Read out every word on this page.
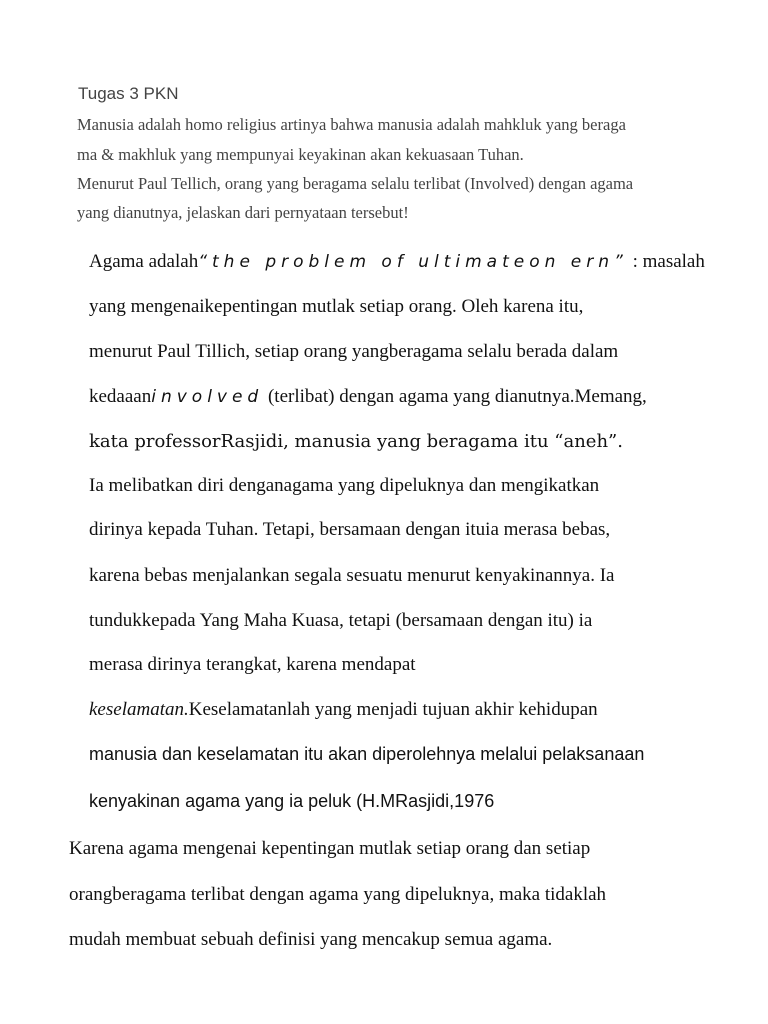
Tugas 3 PKN
Manusia adalah homo religius artinya bahwa manusia adalah mahkluk yang beraga
ma & makhluk yang mempunyai keyakinan akan kekuasaan Tuhan.
Menurut Paul Tellich, orang yang beragama selalu terlibat (Involved) dengan agama
yang dianutnya, jelaskan dari pernyataan tersebut!
Agama adalah“the problem of ultimateon ern” : masalah
yang mengenaikepentingan mutlak setiap orang. Oleh karena itu,
menurut Paul Tillich, setiap orang yangberagama selalu berada dalam
kedaaaninvolved (terlibat) dengan agama yang dianutnya.Memang,
kata professorRasjidi, manusia yang beragama itu “aneh”.
Ia melibatkan diri denganagama yang dipeluknya dan mengikatkan
dirinya kepada Tuhan. Tetapi, bersamaan dengan ituia merasa bebas,
karena bebas menjalankan segala sesuatu menurut kenyakinannya. Ia
tundukkepada Yang Maha Kuasa, tetapi (bersamaan dengan itu) ia
merasa dirinya terangkat, karena mendapat
keselamatan.Keselamatanlah yang menjadi tujuan akhir kehidupan
manusia dan keselamatan itu akan diperolehnya melalui pelaksanaan
kenyakinan agama yang ia peluk (H.MRasjidi,1976
Karena agama mengenai kepentingan mutlak setiap orang dan setiap
orangberagama terlibat dengan agama yang dipeluknya, maka tidaklah
mudah membuat sebuah definisi yang mencakup semua agama.
